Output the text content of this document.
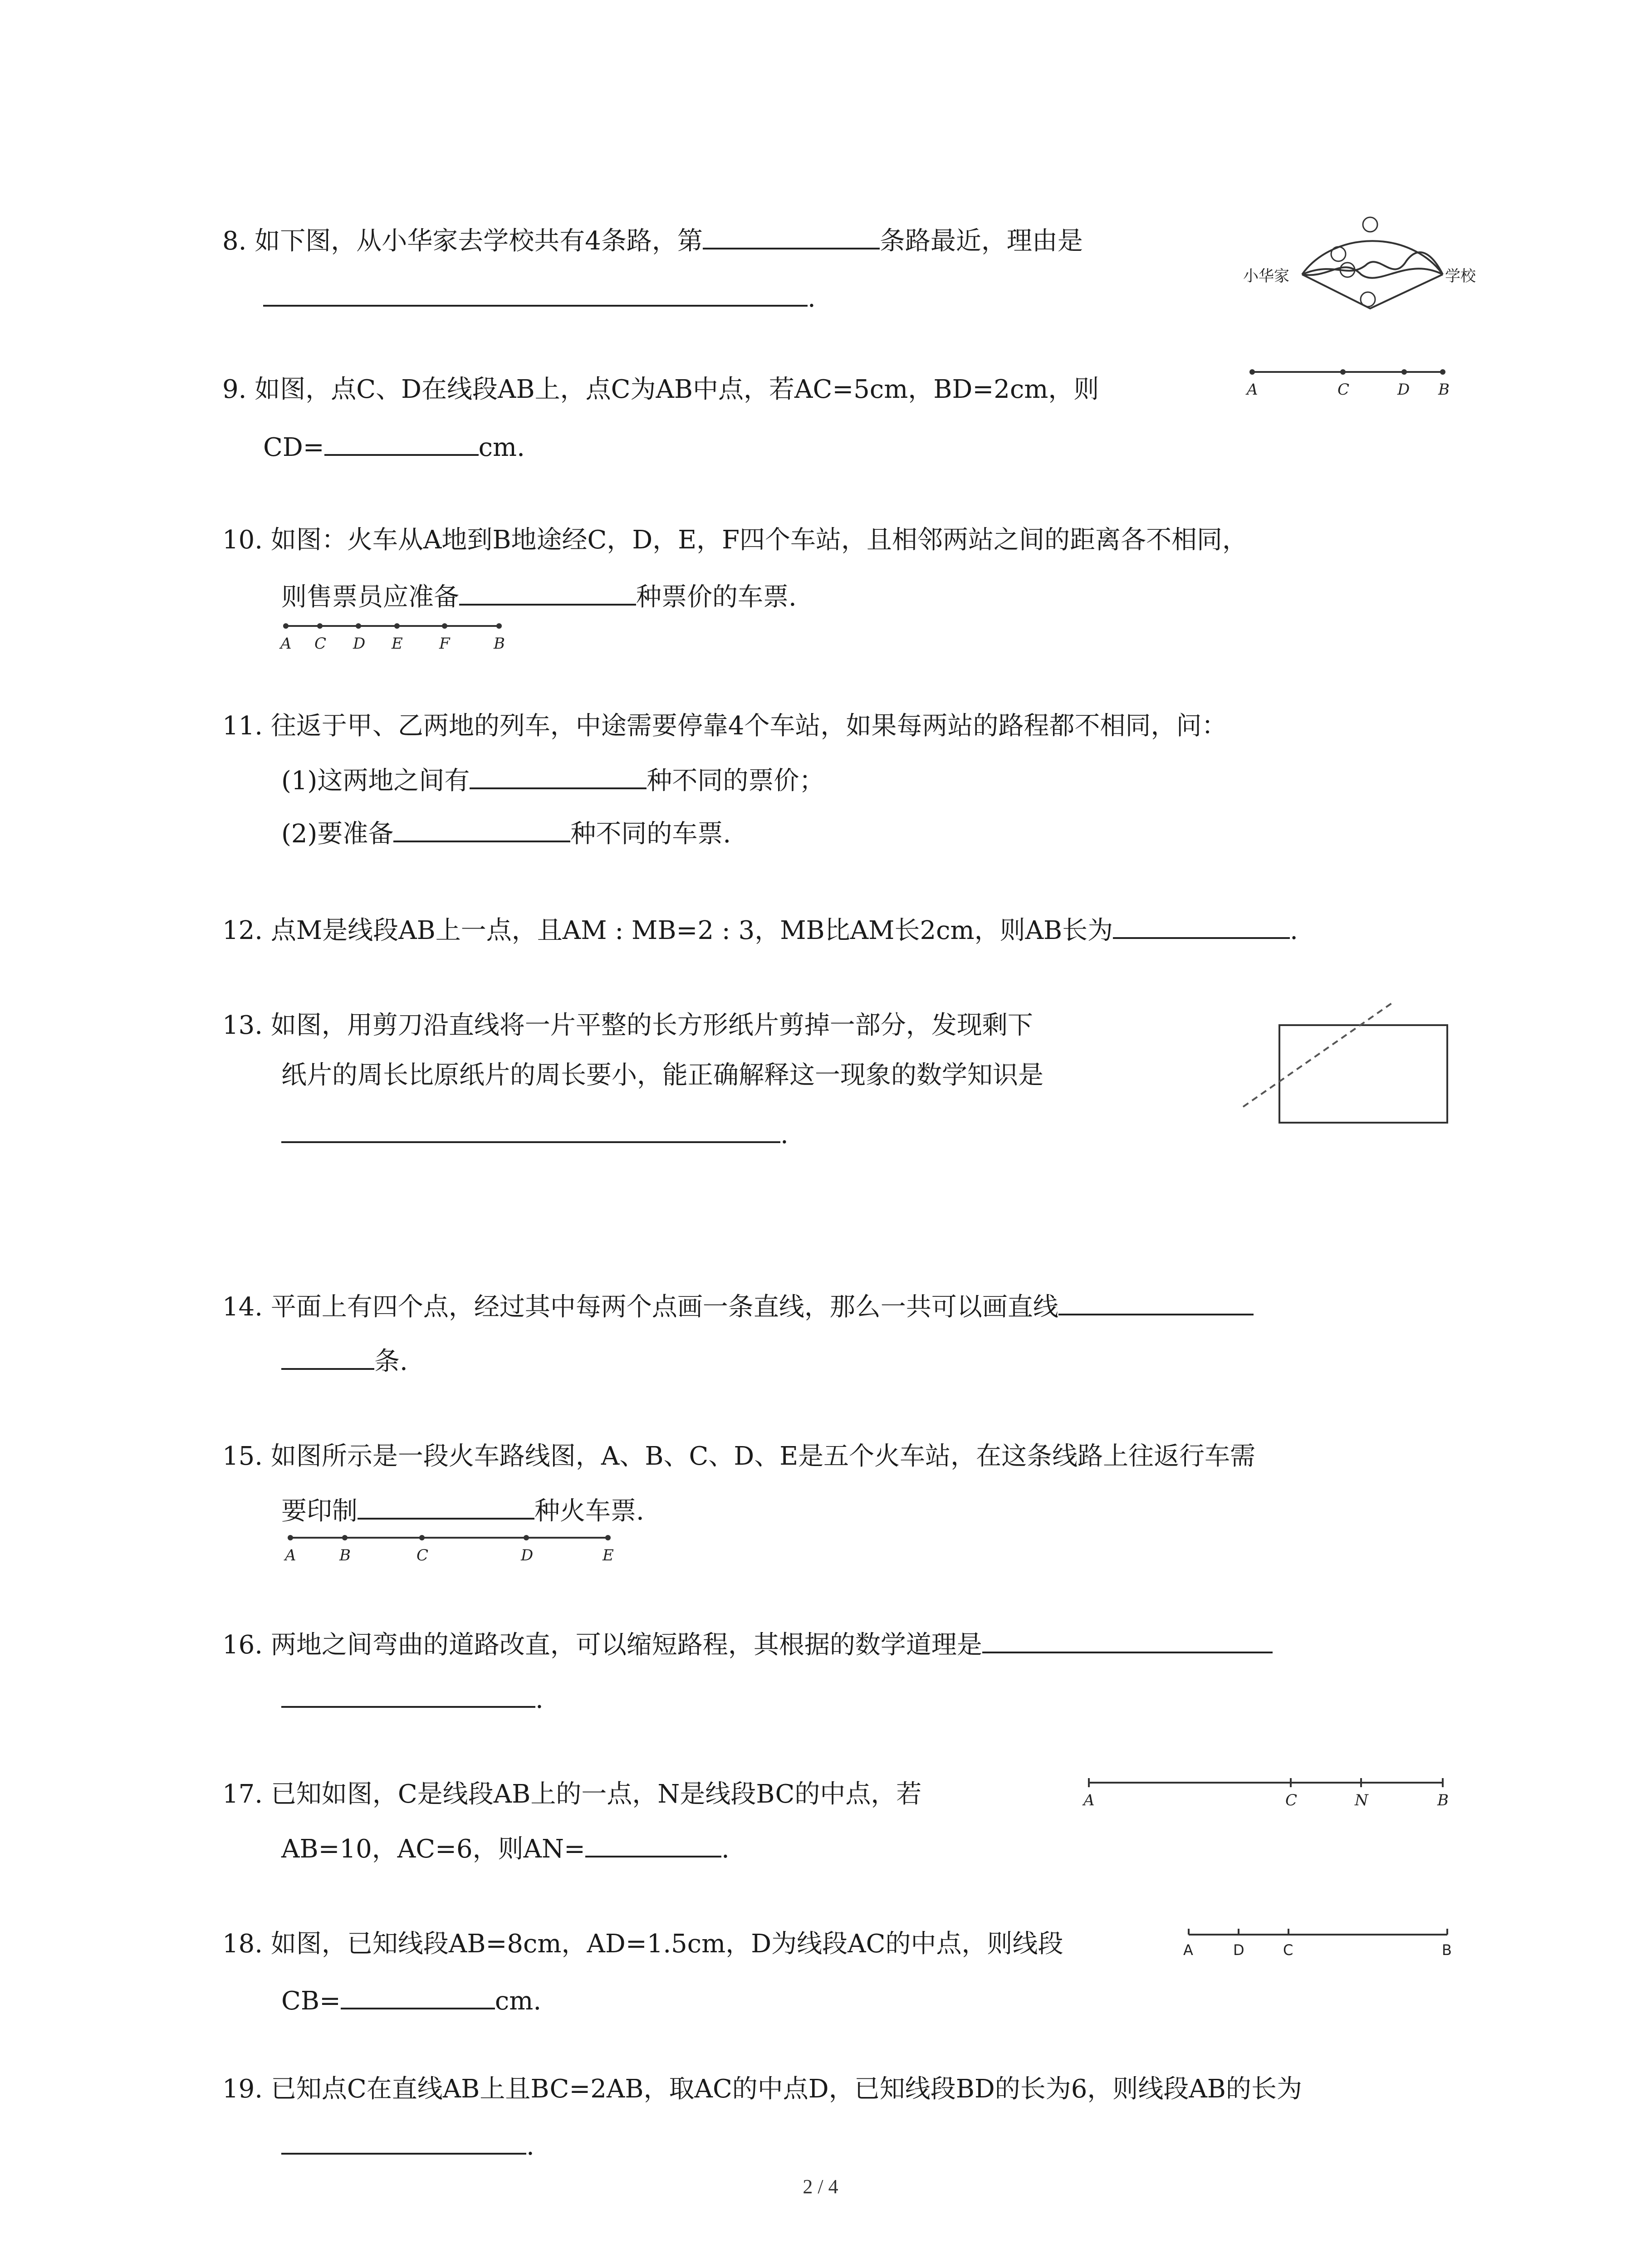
8. 如下图，从小华家去学校共有4条路，第	条路最近，理由是
.
小华家	学校
9. 如图，点C、D在线段AB上，点C为AB中点，若AC=5cm，BD=2cm，则
CD=	cm.
A	C	D B
10. 如图：火车从A地到B地途经C，D，E，F四个车站，且相邻两站之间的距离各不相同，
则售票员应准备	种票价的车票.
A C D E F	B
11. 往返于甲、乙两地的列车，中途需要停靠4个车站，如果每两站的路程都不相同，问：
(1)这两地之间有	种不同的票价；
(2)要准备	种不同的车票.
12. 点M是线段AB上一点，且AM : MB=2 : 3，MB比AM长2cm，则AB长为	.
13. 如图，用剪刀沿直线将一片平整的长方形纸片剪掉一部分，发现剩下
纸片的周长比原纸片的周长要小，能正确解释这一现象的数学知识是
.
14. 平面上有四个点，经过其中每两个点画一条直线，那么一共可以画直线
条.
15. 如图所示是一段火车路线图，A、B、C、D、E是五个火车站，在这条线路上往返行车需
要印制	种火车票.
A	B	C	D	E
16. 两地之间弯曲的道路改直，可以缩短路程，其根据的数学道理是
.
17. 已知如图，C是线段AB上的一点，N是线段BC的中点，若
AB=10，AC=6，则AN=	.
A	C	N	B
18. 如图，已知线段AB=8cm，AD=1.5cm，D为线段AC的中点，则线段
CB=	cm.
A	D	C	B
19. 已知点C在直线AB上且BC=2AB，取AC的中点D，已知线段BD的长为6，则线段AB的长为
.
2 / 4
